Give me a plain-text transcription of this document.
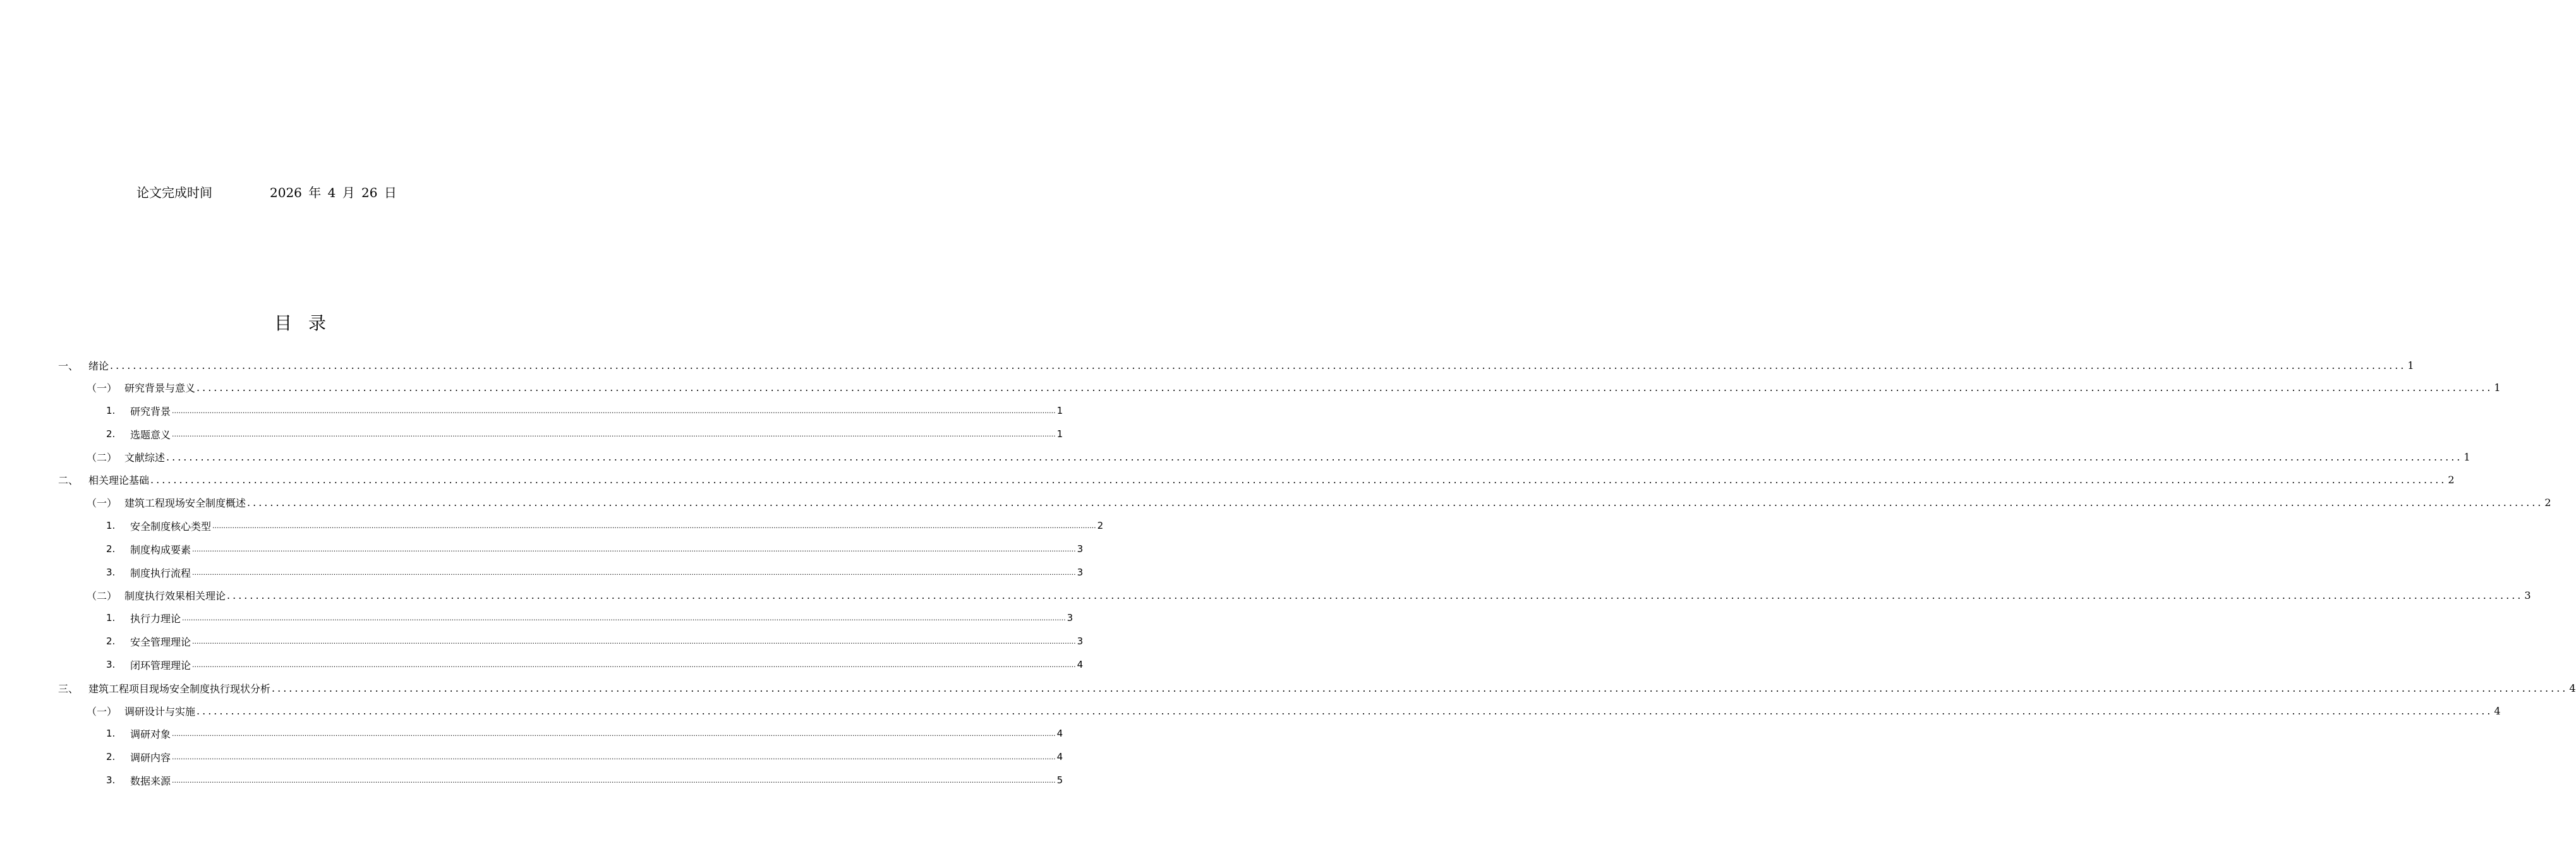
论文完成时间	2026 年 4 月 26 日
目录
一、 绪论 ................................................................................................................................................................................................................................................................................................................................................................................................................ 1
（一） 研究背景与意义 ................................................................................................................................................................................................................................................................................................................................................................................................................ 1
1.	研究背景 ................................................................................................................................................................................................................................................................................................................................................................................................................ 1
2.	选题意义 ................................................................................................................................................................................................................................................................................................................................................................................................................ 1
（二） 文献综述 ................................................................................................................................................................................................................................................................................................................................................................................................................ 1
二、 相关理论基础 ................................................................................................................................................................................................................................................................................................................................................................................................................ 2
（一） 建筑工程现场安全制度概述 ................................................................................................................................................................................................................................................................................................................................................................................................................ 2
1.	安全制度核心类型 ................................................................................................................................................................................................................................................................................................................................................................................................................ 2
2.	制度构成要素 ................................................................................................................................................................................................................................................................................................................................................................................................................ 3
3.	制度执行流程 ................................................................................................................................................................................................................................................................................................................................................................................................................ 3
（二） 制度执行效果相关理论 ................................................................................................................................................................................................................................................................................................................................................................................................................ 3
1.	执行力理论 ................................................................................................................................................................................................................................................................................................................................................................................................................ 3
2.	安全管理理论 ................................................................................................................................................................................................................................................................................................................................................................................................................ 3
3.	闭环管理理论 ................................................................................................................................................................................................................................................................................................................................................................................................................ 4
三、 建筑工程项目现场安全制度执行现状分析 ................................................................................................................................................................................................................................................................................................................................................................................................................ 4
（一） 调研设计与实施 ................................................................................................................................................................................................................................................................................................................................................................................................................ 4
1.	调研对象 ................................................................................................................................................................................................................................................................................................................................................................................................................ 4
2.	调研内容 ................................................................................................................................................................................................................................................................................................................................................................................................................ 4
3.	数据来源 ................................................................................................................................................................................................................................................................................................................................................................................................................ 5
